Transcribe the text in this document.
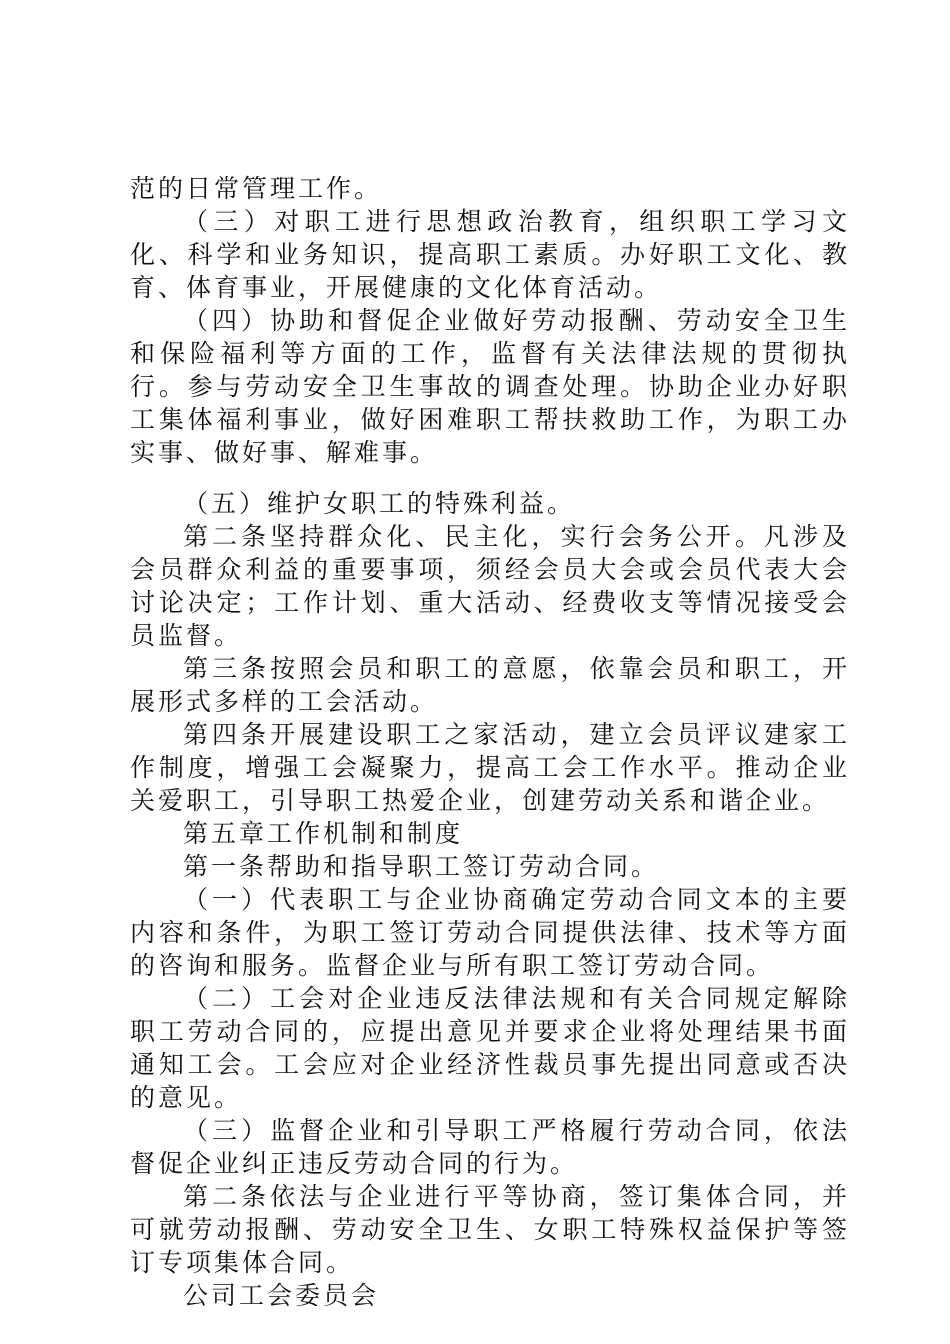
范的日常管理工作。

（三）对职工进行思想政治教育，组织职工学习文化、科学和业务知识，提高职工素质。办好职工文化、教育、体育事业，开展健康的文化体育活动。

（四）协助和督促企业做好劳动报酬、劳动安全卫生和保险福利等方面的工作，监督有关法律法规的贯彻执行。参与劳动安全卫生事故的调查处理。协助企业办好职工集体福利事业，做好困难职工帮扶救助工作，为职工办实事、做好事、解难事。

（五）维护女职工的特殊利益。

第二条坚持群众化、民主化，实行会务公开。凡涉及会员群众利益的重要事项，须经会员大会或会员代表大会讨论决定；工作计划、重大活动、经费收支等情况接受会员监督。

第三条按照会员和职工的意愿，依靠会员和职工，开展形式多样的工会活动。

第四条开展建设职工之家活动，建立会员评议建家工作制度，增强工会凝聚力，提高工会工作水平。推动企业关爱职工，引导职工热爱企业，创建劳动关系和谐企业。

第五章工作机制和制度

第一条帮助和指导职工签订劳动合同。

（一）代表职工与企业协商确定劳动合同文本的主要内容和条件，为职工签订劳动合同提供法律、技术等方面的咨询和服务。监督企业与所有职工签订劳动合同。

（二）工会对企业违反法律法规和有关合同规定解除职工劳动合同的，应提出意见并要求企业将处理结果书面通知工会。工会应对企业经济性裁员事先提出同意或否决的意见。

（三）监督企业和引导职工严格履行劳动合同，依法督促企业纠正违反劳动合同的行为。

第二条依法与企业进行平等协商，签订集体合同，并可就劳动报酬、劳动安全卫生、女职工特殊权益保护等签订专项集体合同。

公司工会委员会
